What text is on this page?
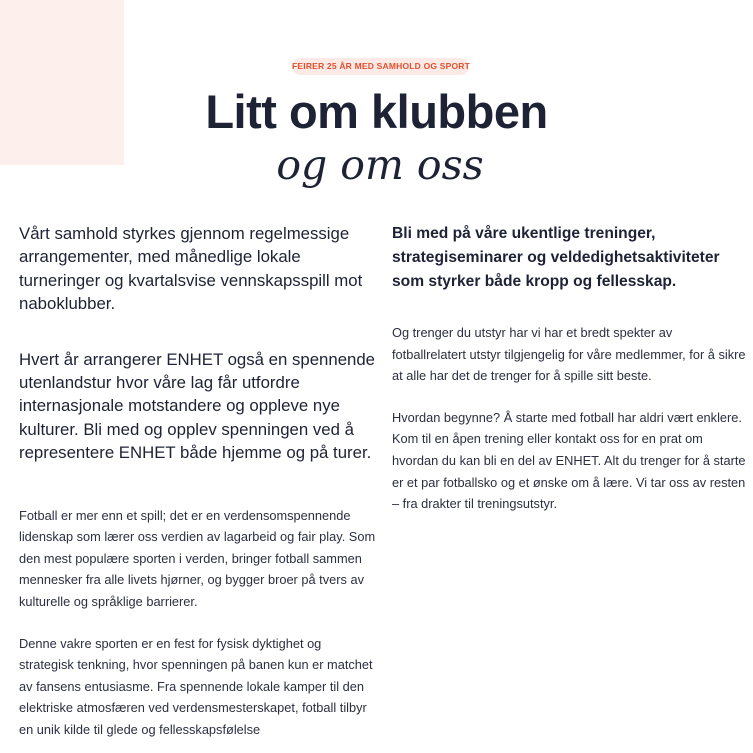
FEIRER 25 ÅR MED SAMHOLD OG SPORT
Litt om klubben
og om oss

Vårt samhold styrkes gjennom regelmessige arrangementer, med månedlige lokale turneringer og kvartalsvise vennskapsspill mot naboklubber.

Hvert år arrangerer ENHET også en spennende utenlandstur hvor våre lag får utfordre internasjonale motstandere og oppleve nye kulturer. Bli med og opplev spenningen ved å representere ENHET både hjemme og på turer.

Fotball er mer enn et spill; det er en verdensomspennende lidenskap som lærer oss verdien av lagarbeid og fair play. Som den mest populære sporten i verden, bringer fotball sammen mennesker fra alle livets hjørner, og bygger broer på tvers av kulturelle og språklige barrierer.

Denne vakre sporten er en fest for fysisk dyktighet og strategisk tenkning, hvor spenningen på banen kun er matchet av fansens entusiasme. Fra spennende lokale kamper til den elektriske atmosfæren ved verdensmesterskapet, fotball tilbyr en unik kilde til glede og fellesskapsfølelse

Bli med på våre ukentlige treninger, strategiseminarer og veldedighetsaktiviteter som styrker både kropp og fellesskap.

Og trenger du utstyr har vi har et bredt spekter av fotballrelatert utstyr tilgjengelig for våre medlemmer, for å sikre at alle har det de trenger for å spille sitt beste.

Hvordan begynne? Å starte med fotball har aldri vært enklere. Kom til en åpen trening eller kontakt oss for en prat om hvordan du kan bli en del av ENHET. Alt du trenger for å starte er et par fotballsko og et ønske om å lære. Vi tar oss av resten – fra drakter til treningsutstyr.
